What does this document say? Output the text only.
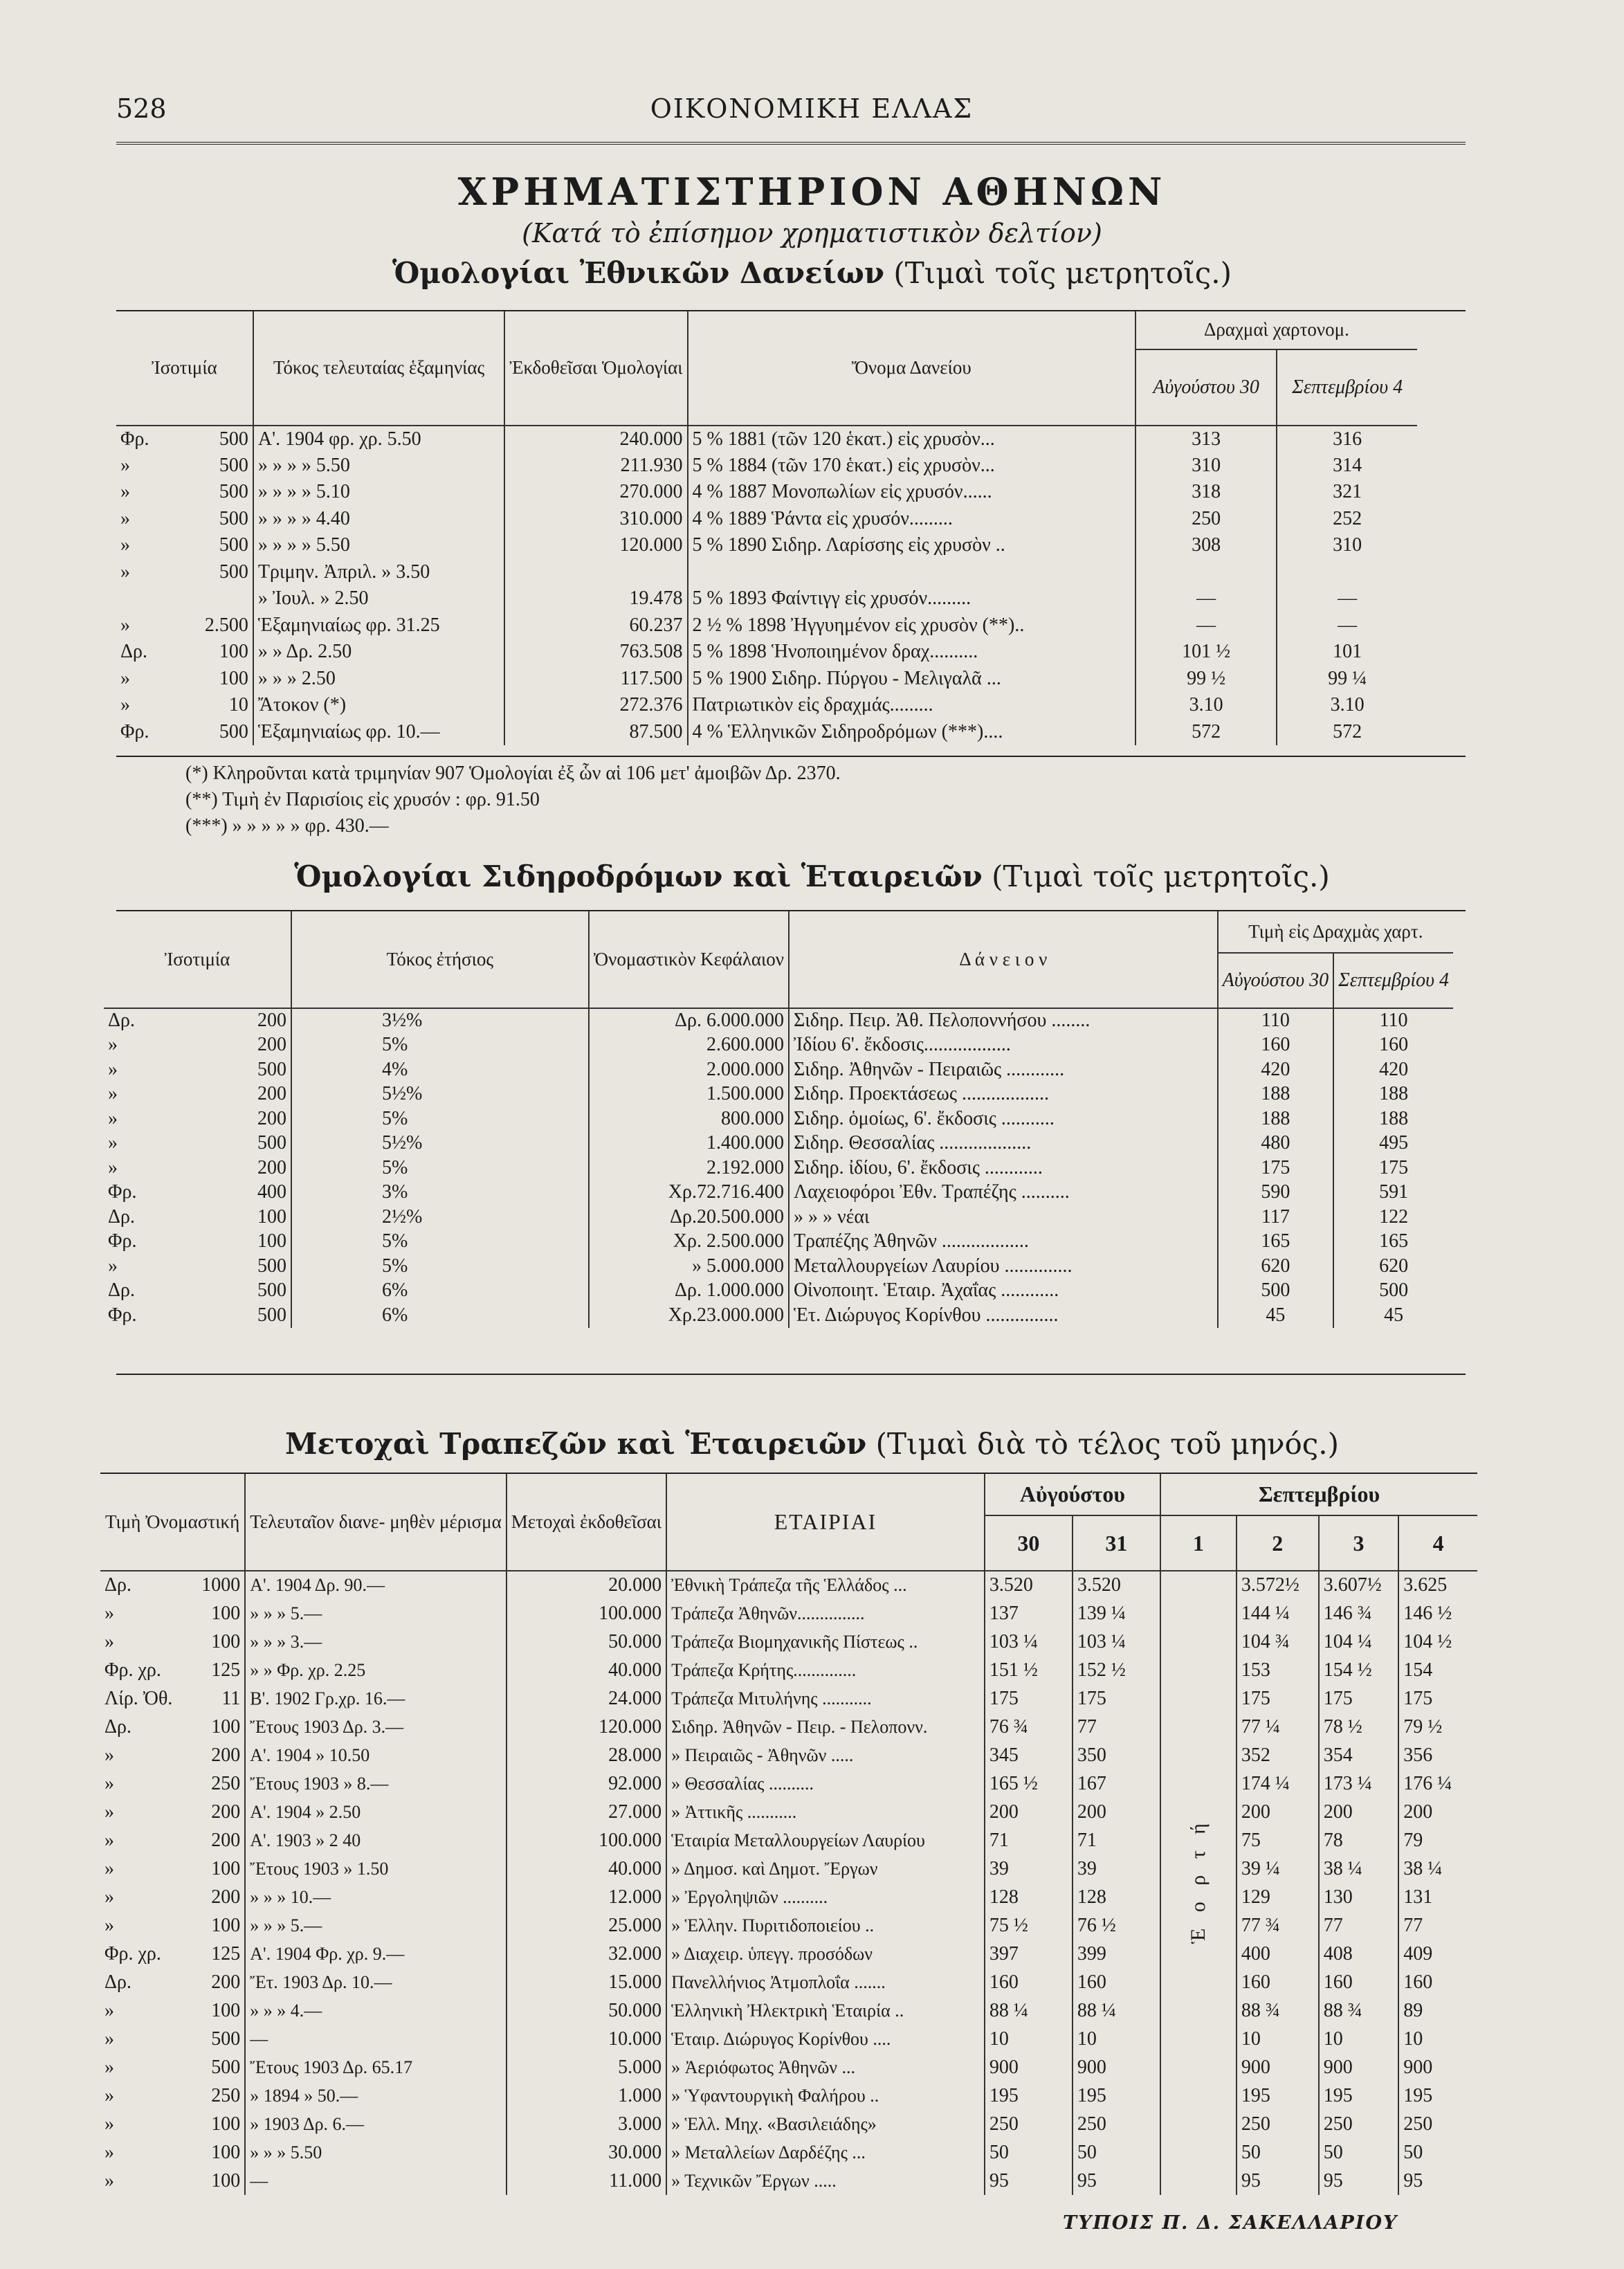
528	ΟΙΚΟΝΟΜΙΚΗ ΕΛΛΑΣ
ΧΡΗΜΑΤΙΣΤΗΡΙΟΝ ΑΘΗΝΩΝ
(Κατά τὸ ἐπίσημον χρηματιστικὸν δελτίον)
Ὁμολογίαι Ἐθνικῶν Δανείων (Τιμαὶ τοῖς μετρητοῖς.)
Ἰσοτιμία		Τόκος τελευταίας ἑξαμηνίας	Ἐκδοθεῖσαι Ὁμολογίαι	Ὄνομα Δανείου	Δραχμαὶ χαρτονομ.	
					Αὐγούστου 30	Σεπτεμβρίου 4
Φρ.	500	Α'. 1904 φρ. χρ. 5.50	240.000	5 % 1881 (τῶν 120 ἑκατ.) εἰς χρυσὸν...	313	316
»	500	» » » » 5.50	211.930	5 % 1884 (τῶν 170 ἑκατ.) εἰς χρυσὸν...	310	314
»	500	» » » » 5.10	270.000	4 % 1887 Μονοπωλίων εἰς χρυσόν......	318	321
»	500	» » » » 4.40	310.000	4 % 1889 Ῥάντα εἰς χρυσόν.........	250	252
»	500	» » » » 5.50	120.000	5 % 1890 Σιδηρ. Λαρίσσης εἰς χρυσὸν ..	308	310
»	500	Τριμην. Ἀπριλ. » 3.50				
		» Ἰουλ. » 2.50	19.478	5 % 1893 Φαίντιγγ εἰς χρυσόν.........	—	—
»	2.500	Ἑξαμηνιαίως φρ. 31.25	60.237	2 ½ % 1898 Ἠγγυημένον εἰς χρυσὸν (**)..	—	—
Δρ.	100	» » Δρ. 2.50	763.508	5 % 1898 Ἡνοποιημένον δραχ..........	101 ½	101
»	100	» » » 2.50	117.500	5 % 1900 Σιδηρ. Πύργου - Μελιγαλᾶ ...	99 ½	99 ¼
»	10	Ἄτοκον (*)	272.376	Πατριωτικὸν εἰς δραχμάς.........	3.10	3.10
Φρ.	500	Ἑξαμηνιαίως φρ. 10.—	87.500	4 % Ἑλληνικῶν Σιδηροδρόμων (***)....	572	572
(*) Κληροῦνται κατὰ τριμηνίαν 907 Ὁμολογίαι ἐξ ὧν αἱ 106 μετ' ἀμοιβῶν Δρ. 2370.
(**) Τιμὴ ἐν Παρισίοις εἰς χρυσόν : φρ. 91.50
(***) » » » » » φρ. 430.—
Ὁμολογίαι Σιδηροδρόμων καὶ Ἑταιρειῶν (Τιμαὶ τοῖς μετρητοῖς.)
Ἰσοτιμία		Τόκος ἐτήσιος	Ὀνομαστικὸν Κεφάλαιον	Δ ά ν ε ι ο ν	Τιμὴ εἰς Δραχμὰς χαρτ.	
					Αὐγούστου 30	Σεπτεμβρίου 4
Δρ.	200	3½%	Δρ. 6.000.000	Σιδηρ. Πειρ. Ἀθ. Πελοποννήσου ........	110	110
»	200	5%	2.600.000	Ἰδίου 6'. ἔκδοσις..................	160	160
»	500	4%	2.000.000	Σιδηρ. Ἀθηνῶν - Πειραιῶς ............	420	420
»	200	5½%	1.500.000	Σιδηρ. Προεκτάσεως ..................	188	188
»	200	5%	800.000	Σιδηρ. ὁμοίως, 6'. ἔκδοσις ...........	188	188
»	500	5½%	1.400.000	Σιδηρ. Θεσσαλίας ...................	480	495
»	200	5%	2.192.000	Σιδηρ. ἰδίου, 6'. ἔκδοσις ............	175	175
Φρ.	400	3%	Χρ.72.716.400	Λαχειοφόροι Ἐθν. Τραπέζης ..........	590	591
Δρ.	100	2½%	Δρ.20.500.000	» » » νέαι	117	122
Φρ.	100	5%	Χρ. 2.500.000	Τραπέζης Ἀθηνῶν ..................	165	165
»	500	5%	» 5.000.000	Μεταλλουργείων Λαυρίου ..............	620	620
Δρ.	500	6%	Δρ. 1.000.000	Οἰνοποιητ. Ἑταιρ. Ἀχαΐας ............	500	500
Φρ.	500	6%	Χρ.23.000.000	Ἑτ. Διώρυγος Κορίνθου ...............	45	45
Μετοχαὶ Τραπεζῶν καὶ Ἑταιρειῶν (Τιμαὶ διὰ τὸ τέλος τοῦ μηνός.)
Τιμὴ Ὀνομαστική		Τελευταῖον διανε- μηθὲν μέρισμα	Μετοχαὶ ἐκδοθεῖσαι	ΕΤΑΙΡΙΑΙ	Αὐγούστου		Σεπτεμβρίου			
					30	31	1	2	3	4
Δρ.	1000	Α'. 1904 Δρ. 90.—	20.000	Ἐθνικὴ Τράπεζα τῆς Ἑλλάδος ...	3.520	3.520	Ἑ ο ρ τ ή	3.572½	3.607½	3.625
»	100	» » » 5.—	100.000	Τράπεζα Ἀθηνῶν...............	137	139 ¼		144 ¼	146 ¾	146 ½
»	100	» » » 3.—	50.000	Τράπεζα Βιομηχανικῆς Πίστεως ..	103 ¼	103 ¼		104 ¾	104 ¼	104 ½
Φρ. χρ.	125	» » Φρ. χρ. 2.25	40.000	Τράπεζα Κρήτης..............	151 ½	152 ½		153	154 ½	154
Λίρ. Ὀθ.	11	Β'. 1902 Γρ.χρ. 16.—	24.000	Τράπεζα Μιτυλήνης ...........	175	175		175	175	175
Δρ.	100	Ἔτους 1903 Δρ. 3.—	120.000	Σιδηρ. Ἀθηνῶν - Πειρ. - Πελοπονν.	76 ¾	77		77 ¼	78 ½	79 ½
»	200	Α'. 1904 » 10.50	28.000	» Πειραιῶς - Ἀθηνῶν .....	345	350		352	354	356
»	250	Ἔτους 1903 » 8.—	92.000	» Θεσσαλίας ..........	165 ½	167		174 ¼	173 ¼	176 ¼
»	200	Α'. 1904 » 2.50	27.000	» Ἀττικῆς ...........	200	200		200	200	200
»	200	Α'. 1903 » 2 40	100.000	Ἑταιρία Μεταλλουργείων Λαυρίου	71	71		75	78	79
»	100	Ἔτους 1903 » 1.50	40.000	» Δημοσ. καὶ Δημοτ. Ἔργων	39	39		39 ¼	38 ¼	38 ¼
»	200	» » » 10.—	12.000	» Ἐργοληψιῶν ..........	128	128		129	130	131
»	100	» » » 5.—	25.000	» Ἑλλην. Πυριτιδοποιείου ..	75 ½	76 ½		77 ¾	77	77
Φρ. χρ.	125	Α'. 1904 Φρ. χρ. 9.—	32.000	» Διαχειρ. ὑπεγγ. προσόδων	397	399		400	408	409
Δρ.	200	Ἔτ. 1903 Δρ. 10.—	15.000	Πανελλήνιος Ἀτμοπλοΐα .......	160	160		160	160	160
»	100	» » » 4.—	50.000	Ἑλληνικὴ Ἠλεκτρικὴ Ἑταιρία ..	88 ¼	88 ¼		88 ¾	88 ¾	89
»	500	—	10.000	Ἑταιρ. Διώρυγος Κορίνθου ....	10	10		10	10	10
»	500	Ἔτους 1903 Δρ. 65.17	5.000	» Ἀεριόφωτος Ἀθηνῶν ...	900	900		900	900	900
»	250	» 1894 » 50.—	1.000	» Ὑφαντουργικὴ Φαλήρου ..	195	195		195	195	195
»	100	» 1903 Δρ. 6.—	3.000	» Ἑλλ. Μηχ. «Βασιλειάδης»	250	250		250	250	250
»	100	» » » 5.50	30.000	» Μεταλλείων Δαρδέζης ...	50	50		50	50	50
»	100	—	11.000	» Τεχνικῶν Ἔργων .....	95	95		95	95	95
ΤΥΠΟΙΣ Π. Δ. ΣΑΚΕΛΛΑΡΙΟΥ
